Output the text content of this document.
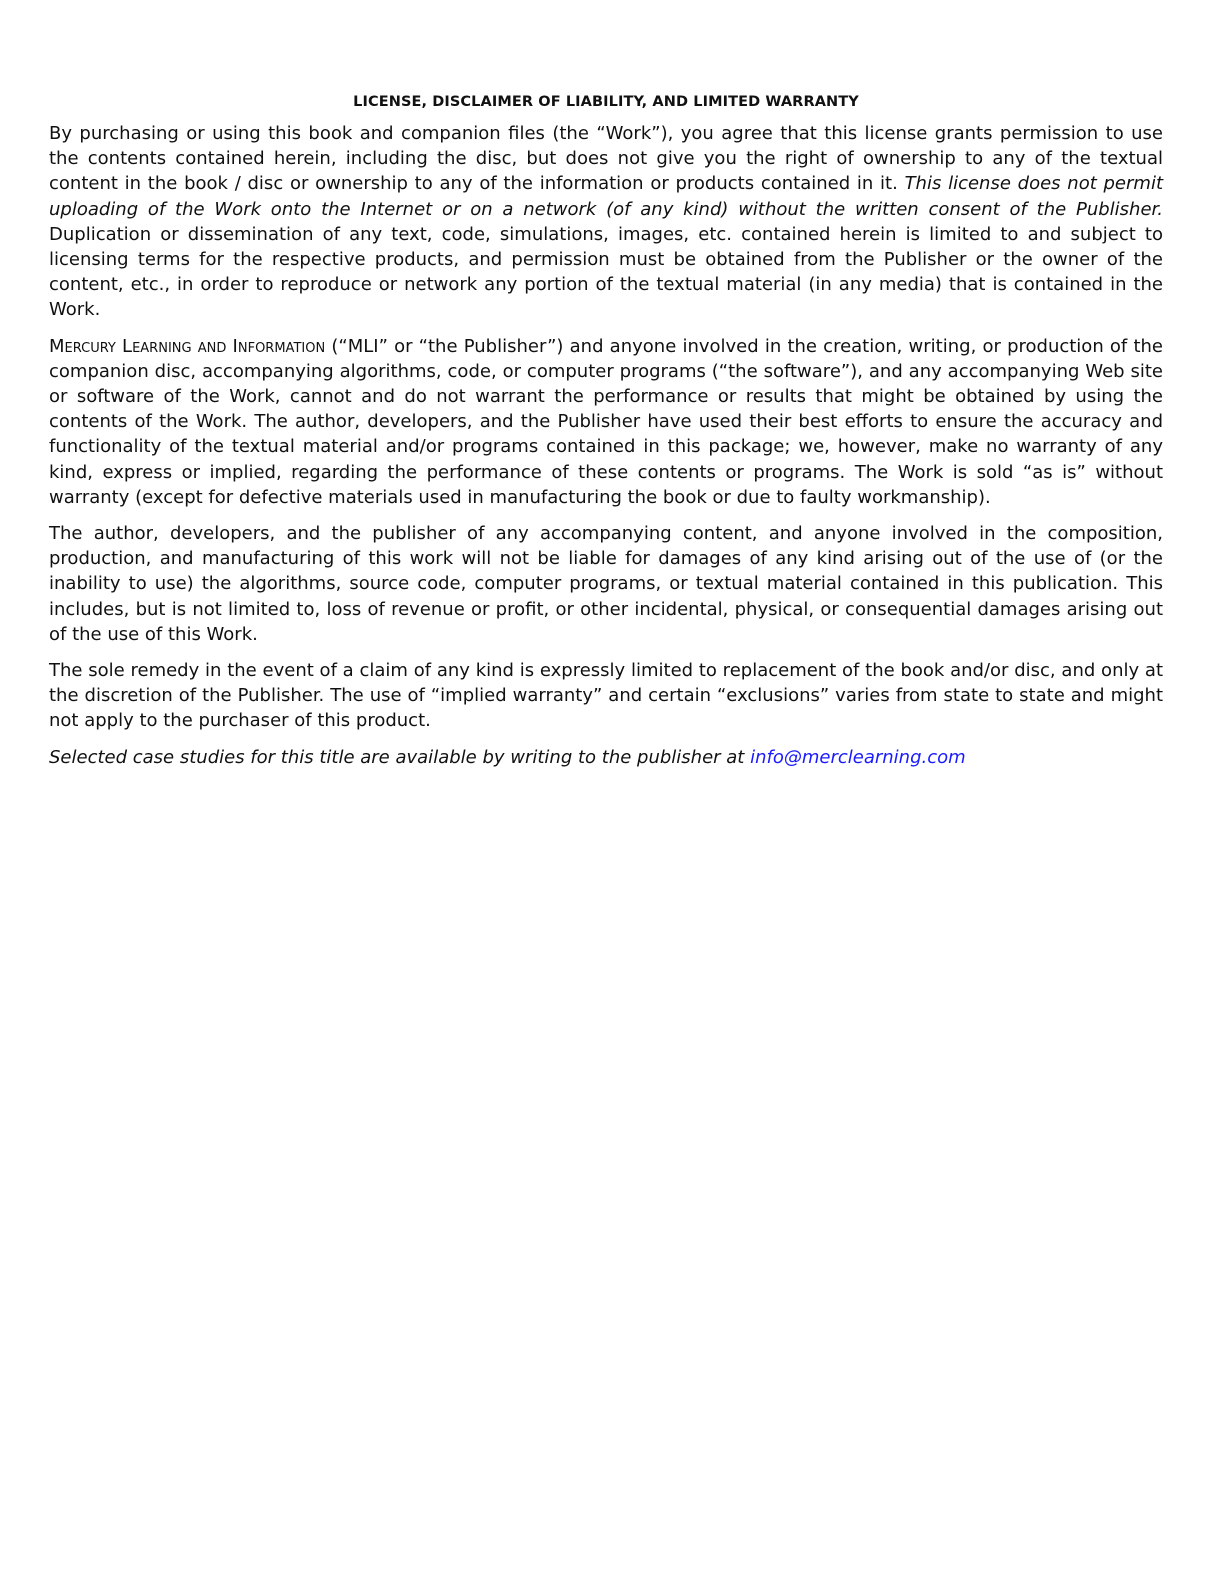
LICENSE, DISCLAIMER OF LIABILITY, AND LIMITED WARRANTY

By purchasing or using this book and companion files (the “Work”), you agree that this license grants permission to use the contents contained herein, including the disc, but does not give you the right of ownership to any of the textual content in the book / disc or ownership to any of the information or products contained in it. This license does not permit uploading of the Work onto the Internet or on a network (of any kind) without the written consent of the Publisher. Duplication or dissemination of any text, code, simulations, images, etc. contained herein is limited to and subject to licensing terms for the respective products, and permission must be obtained from the Publisher or the owner of the content, etc., in order to reproduce or network any portion of the textual material (in any media) that is contained in the Work.

Mercury Learning and Information (“MLI” or “the Publisher”) and anyone involved in the creation, writing, or production of the companion disc, accompanying algorithms, code, or computer programs (“the software”), and any accompanying Web site or software of the Work, cannot and do not warrant the performance or results that might be obtained by using the contents of the Work. The author, developers, and the Publisher have used their best efforts to ensure the accuracy and functionality of the textual material and/or programs contained in this package; we, however, make no warranty of any kind, express or implied, regarding the performance of these contents or programs. The Work is sold “as is” without warranty (except for defective materials used in manufacturing the book or due to faulty workmanship).

The author, developers, and the publisher of any accompanying content, and anyone involved in the composition, production, and manufacturing of this work will not be liable for damages of any kind arising out of the use of (or the inability to use) the algorithms, source code, computer programs, or textual material contained in this publication. This includes, but is not limited to, loss of revenue or profit, or other incidental, physical, or consequential damages arising out of the use of this Work.

The sole remedy in the event of a claim of any kind is expressly limited to replacement of the book and/or disc, and only at the discretion of the Publisher. The use of “implied warranty” and certain “exclusions” varies from state to state and might not apply to the purchaser of this product.

Selected case studies for this title are available by writing to the publisher at info@merclearning.com
